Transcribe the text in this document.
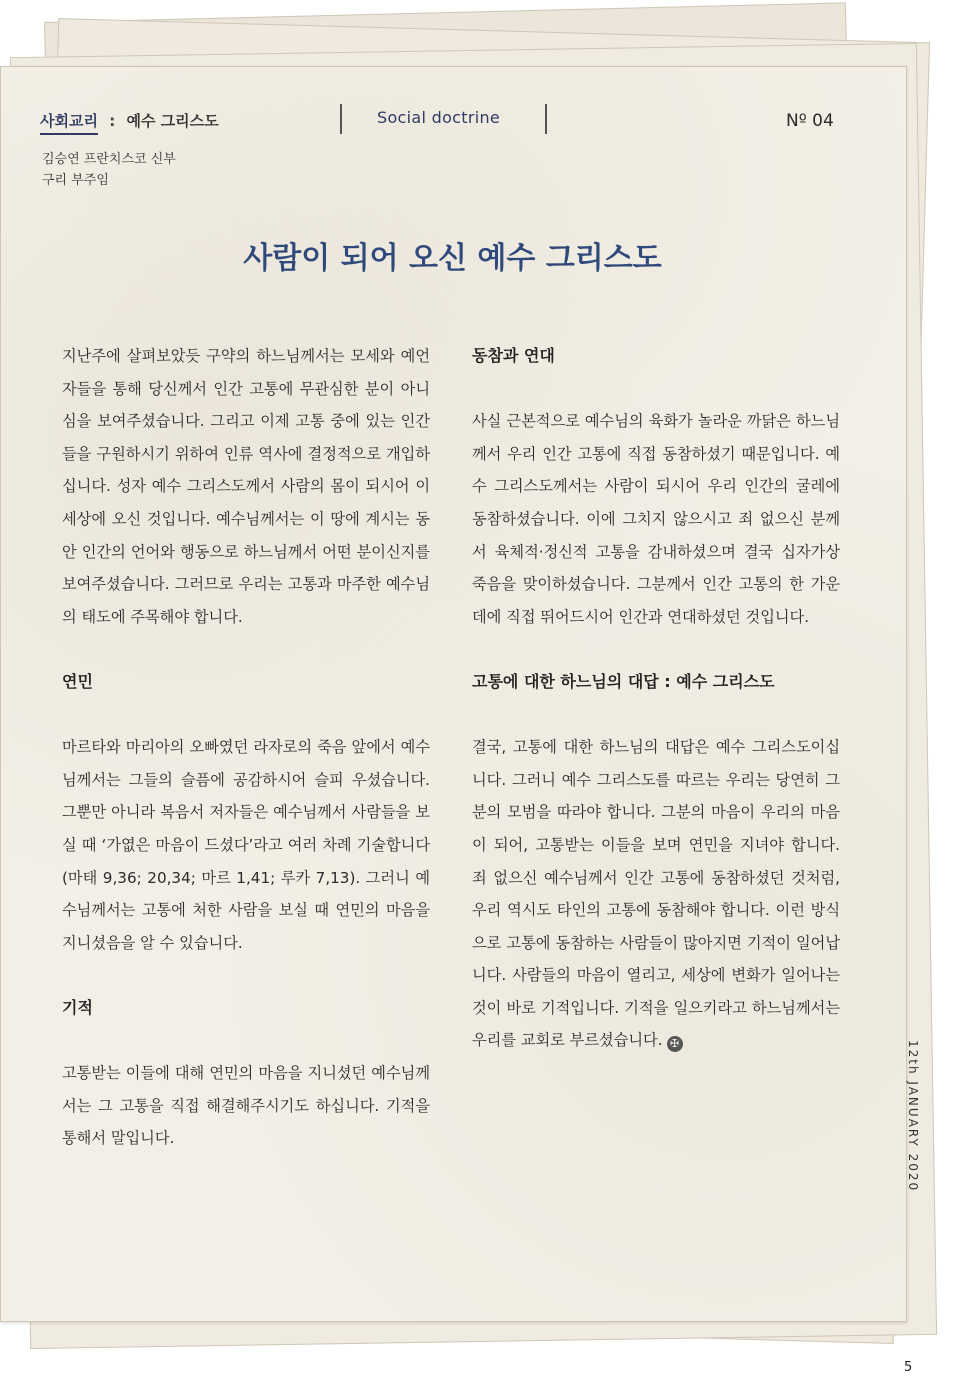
사회교리 : 예수 그리스도	Social doctrine	Nº 04
김승연 프란치스코 신부
구리 부주임
사람이 되어 오신 예수 그리스도

지난주에 살펴보았듯 구약의 하느님께서는 모세와 예언자들을 통해 당신께서 인간 고통에 무관심한 분이 아니심을 보여주셨습니다. 그리고 이제 고통 중에 있는 인간들을 구원하시기 위하여 인류 역사에 결정적으로 개입하십니다. 성자 예수 그리스도께서 사람의 몸이 되시어 이 세상에 오신 것입니다. 예수님께서는 이 땅에 계시는 동안 인간의 언어와 행동으로 하느님께서 어떤 분이신지를 보여주셨습니다. 그러므로 우리는 고통과 마주한 예수님의 태도에 주목해야 합니다.

연민

마르타와 마리아의 오빠였던 라자로의 죽음 앞에서 예수님께서는 그들의 슬픔에 공감하시어 슬피 우셨습니다. 그뿐만 아니라 복음서 저자들은 예수님께서 사람들을 보실 때 ‘가엾은 마음이 드셨다’라고 여러 차례 기술합니다(마태 9,36; 20,34; 마르 1,41; 루카 7,13). 그러니 예수님께서는 고통에 처한 사람을 보실 때 연민의 마음을 지니셨음을 알 수 있습니다.

기적

고통받는 이들에 대해 연민의 마음을 지니셨던 예수님께서는 그 고통을 직접 해결해주시기도 하십니다. 기적을 통해서 말입니다.

동참과 연대

사실 근본적으로 예수님의 육화가 놀라운 까닭은 하느님께서 우리 인간 고통에 직접 동참하셨기 때문입니다. 예수 그리스도께서는 사람이 되시어 우리 인간의 굴레에 동참하셨습니다. 이에 그치지 않으시고 죄 없으신 분께서 육체적·정신적 고통을 감내하셨으며 결국 십자가상 죽음을 맞이하셨습니다. 그분께서 인간 고통의 한 가운데에 직접 뛰어드시어 인간과 연대하셨던 것입니다.

고통에 대한 하느님의 대답 : 예수 그리스도

결국, 고통에 대한 하느님의 대답은 예수 그리스도이십니다. 그러니 예수 그리스도를 따르는 우리는 당연히 그분의 모범을 따라야 합니다. 그분의 마음이 우리의 마음이 되어, 고통받는 이들을 보며 연민을 지녀야 합니다. 죄 없으신 예수님께서 인간 고통에 동참하셨던 것처럼, 우리 역시도 타인의 고통에 동참해야 합니다. 이런 방식으로 고통에 동참하는 사람들이 많아지면 기적이 일어납니다. 사람들의 마음이 열리고, 세상에 변화가 일어나는 것이 바로 기적입니다. 기적을 일으키라고 하느님께서는 우리를 교회로 부르셨습니다. ✠	12th JANUARY 2020
5
